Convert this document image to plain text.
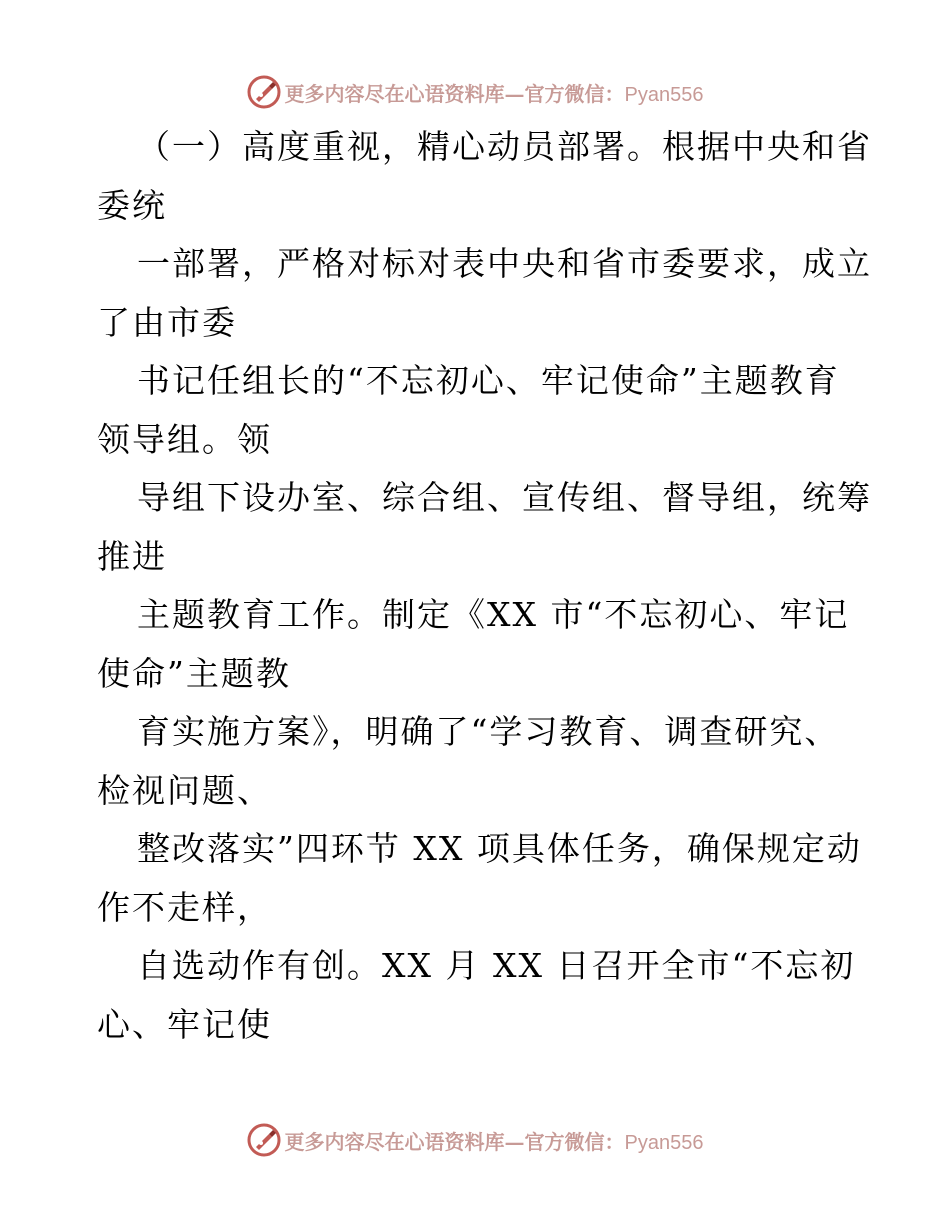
更多内容尽在心语资料库—官方微信：Pyan556
（一）高度重视，精心动员部署。根据中央和省
委统
一部署，严格对标对表中央和省市委要求，成立
了由市委
书记任组长的“不忘初心、牢记使命”主题教育
领导组。领
导组下设办室、综合组、宣传组、督导组，统筹
推进
主题教育工作。制定《XX 市“不忘初心、牢记
使命”主题教
育实施方案》，明确了“学习教育、调查研究、
检视问题、
整改落实”四环节 XX 项具体任务，确保规定动
作不走样，
自选动作有创。XX 月 XX 日召开全市“不忘初
心、牢记使
更多内容尽在心语资料库—官方微信：Pyan556
